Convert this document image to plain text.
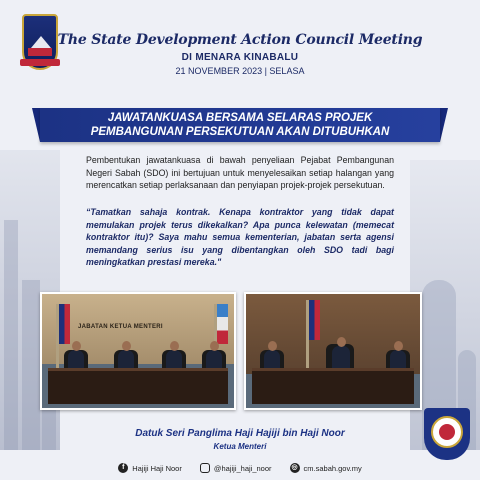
The State Development Action Council Meeting
DI MENARA KINABALU
21 NOVEMBER 2023 | SELASA
JAWATANKUASA BERSAMA SELARAS PROJEK
PEMBANGUNAN PERSEKUTUAN AKAN DITUBUHKAN

Pembentukan jawatankuasa di bawah penyeliaan Pejabat Pembangunan Negeri Sabah (SDO) ini bertujuan untuk menyelesaikan setiap halangan yang merencatkan setiap perlaksanaan dan penyiapan projek-projek persekutuan.

“Tamatkan sahaja kontrak. Kenapa kontraktor yang tidak dapat memulakan projek terus dikekalkan? Apa punca kelewatan (memecat kontraktor itu)? Saya mahu semua kementerian, jabatan serta agensi memandang serius isu yang dibentangkan oleh SDO tadi bagi meningkatkan prestasi mereka."

JABATAN KETUA MENTERI
Datuk Seri Panglima Haji Hajiji bin Haji Noor
Ketua Menteri
f	Hajiji Haji Noor	@hajiji_haji_noor	◎ cm.sabah.gov.my
